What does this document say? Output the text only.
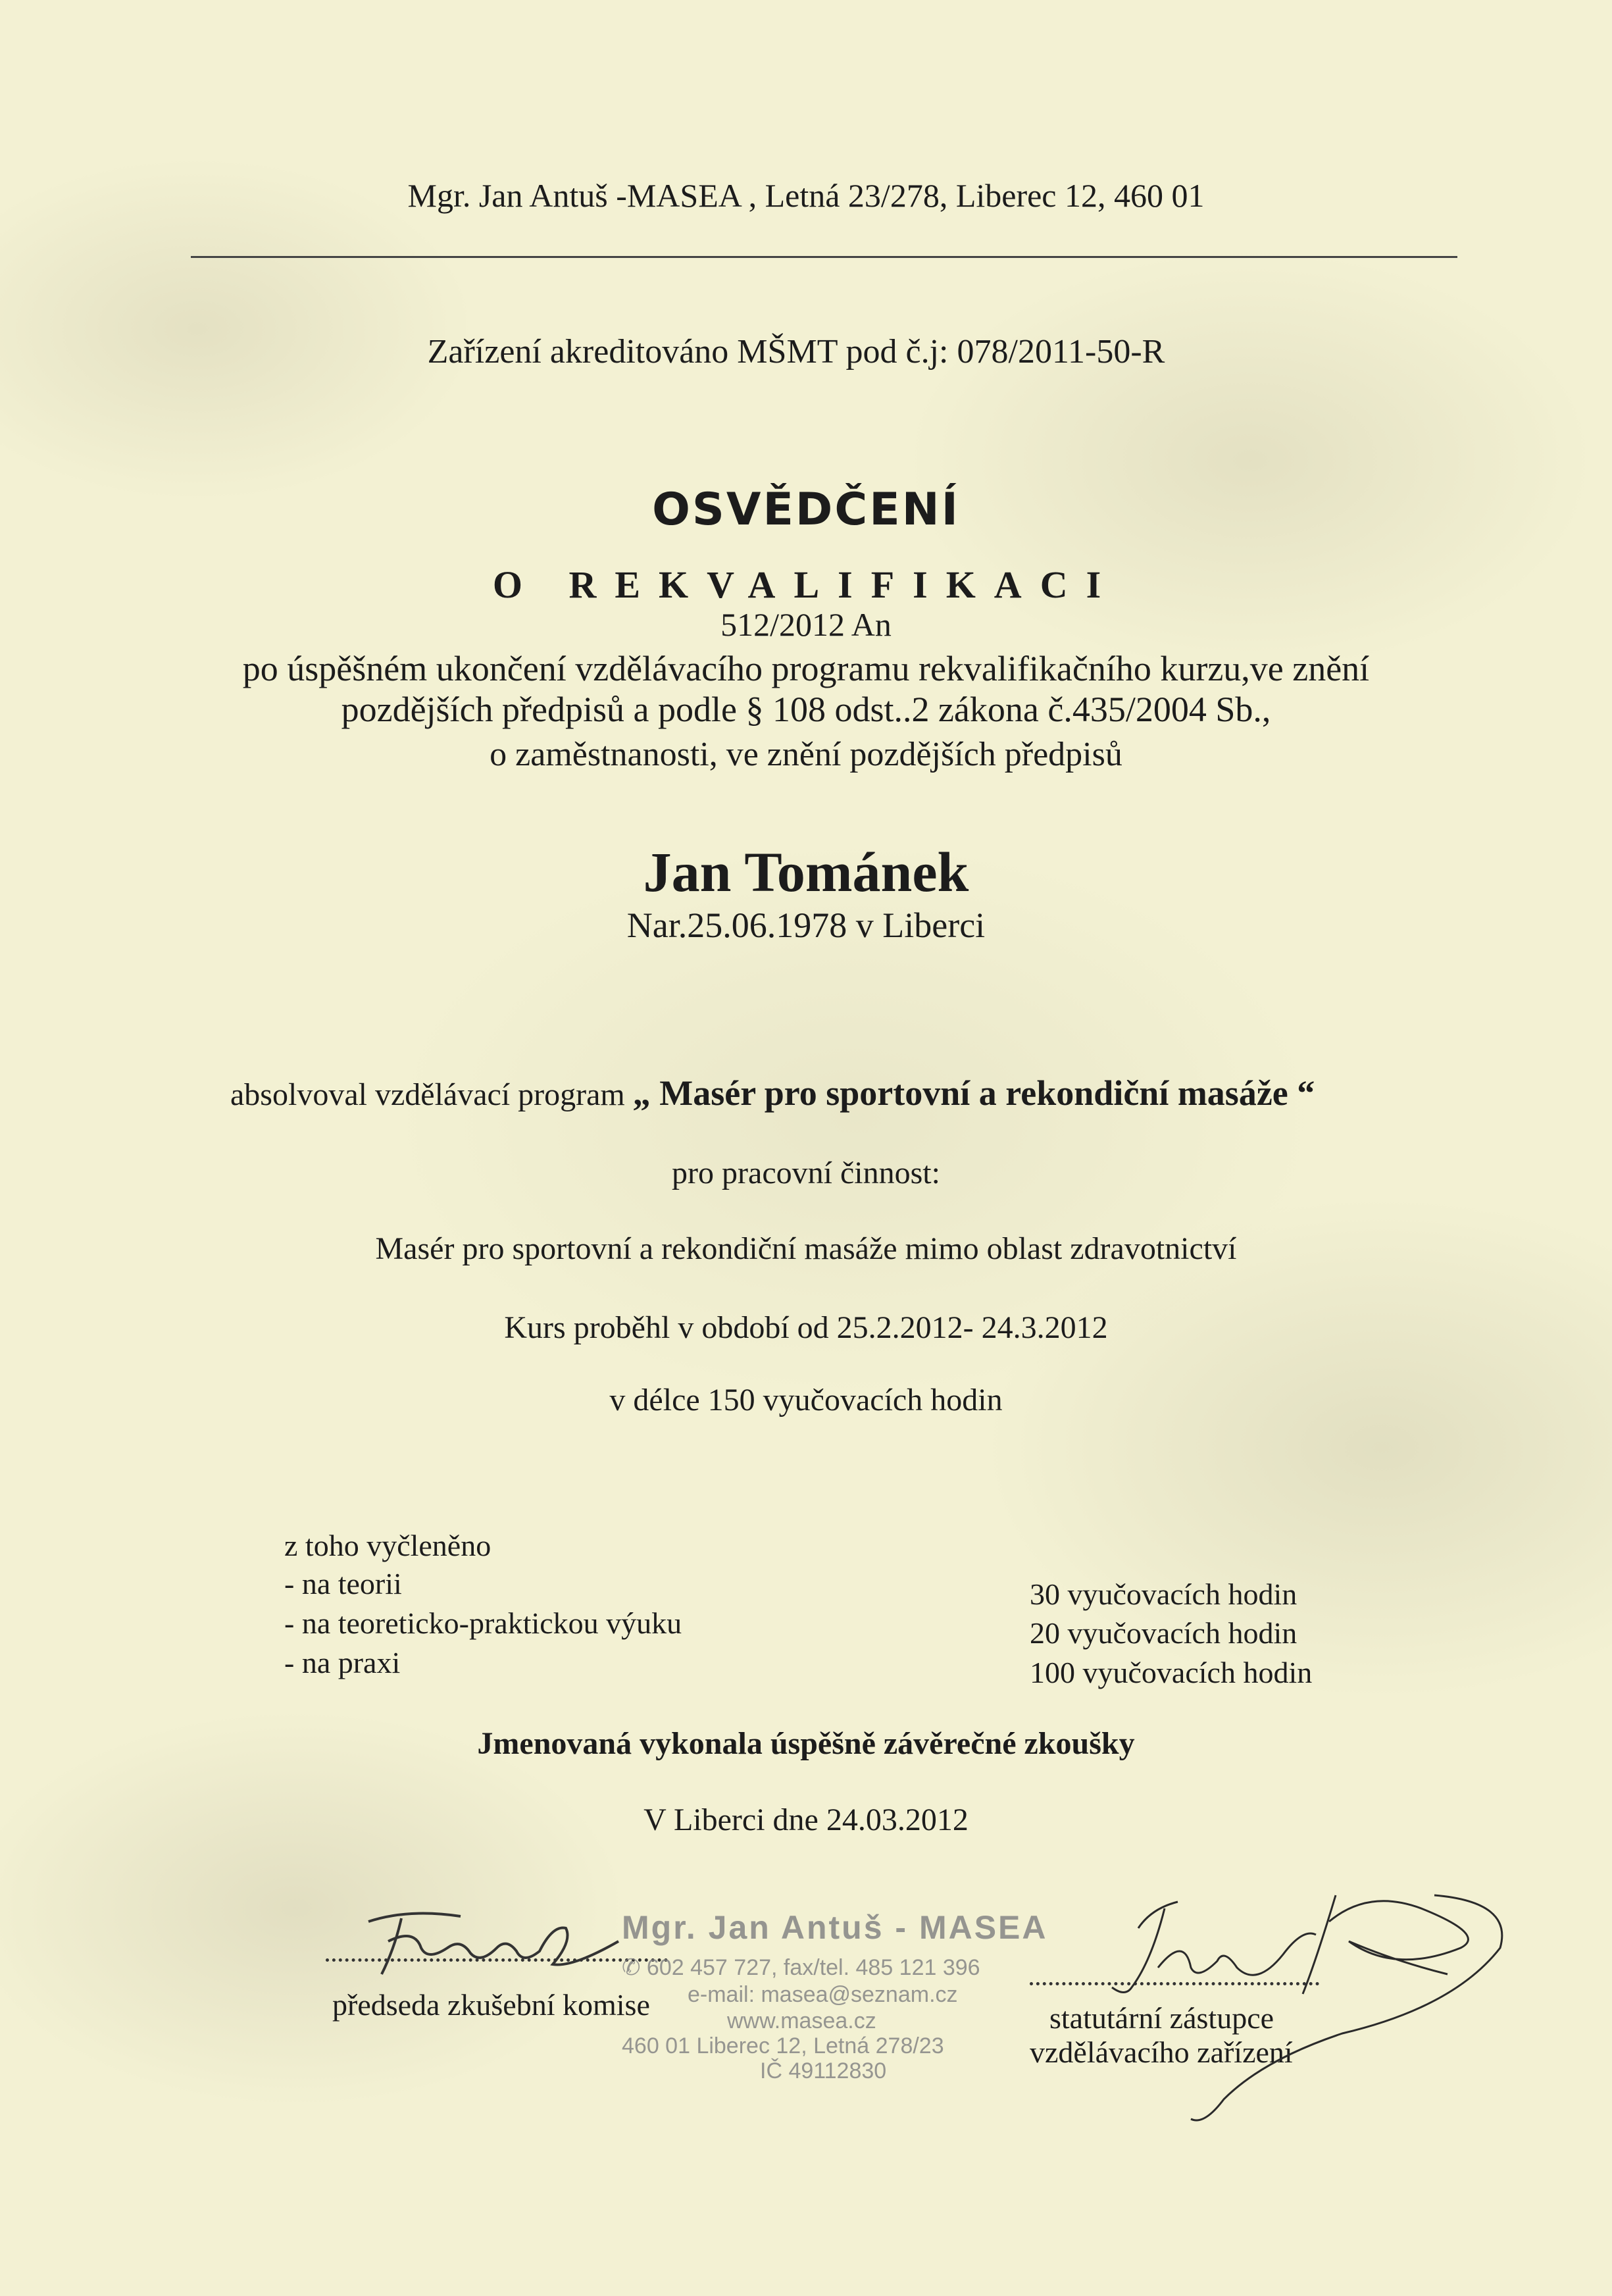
Mgr. Jan Antuš -MASEA , Letná 23/278, Liberec 12, 460 01
Zařízení akreditováno MŠMT pod č.j: 078/2011-50-R
OSVĚDČENÍ
O REKVALIFIKACI
512/2012 An
po úspěšném ukončení vzdělávacího programu rekvalifikačního kurzu,ve znění
pozdějších předpisů a podle § 108 odst..2 zákona č.435/2004 Sb.,
o zaměstnanosti, ve znění pozdějších předpisů
Jan Tománek
Nar.25.06.1978 v Liberci
absolvoval vzdělávací program „ Masér pro sportovní a rekondiční masáže “
pro pracovní činnost:
Masér pro sportovní a rekondiční masáže mimo oblast zdravotnictví
Kurs proběhl v období od 25.2.2012- 24.3.2012
v délce 150 vyučovacích hodin
z toho vyčleněno
- na teorii
- na teoreticko-praktickou výuku
- na praxi
30 vyučovacích hodin
20 vyučovacích hodin
100 vyučovacích hodin
Jmenovaná vykonala úspěšně závěrečné zkoušky
V Liberci dne 24.03.2012
Mgr. Jan Antuš - MASEA
✆ 602 457 727, fax/tel. 485 121 396
e-mail: masea@seznam.cz
www.masea.cz
460 01 Liberec 12, Letná 278/23
IČ 49112830
předseda zkušební komise	statutární zástupce
vzdělávacího zařízení
